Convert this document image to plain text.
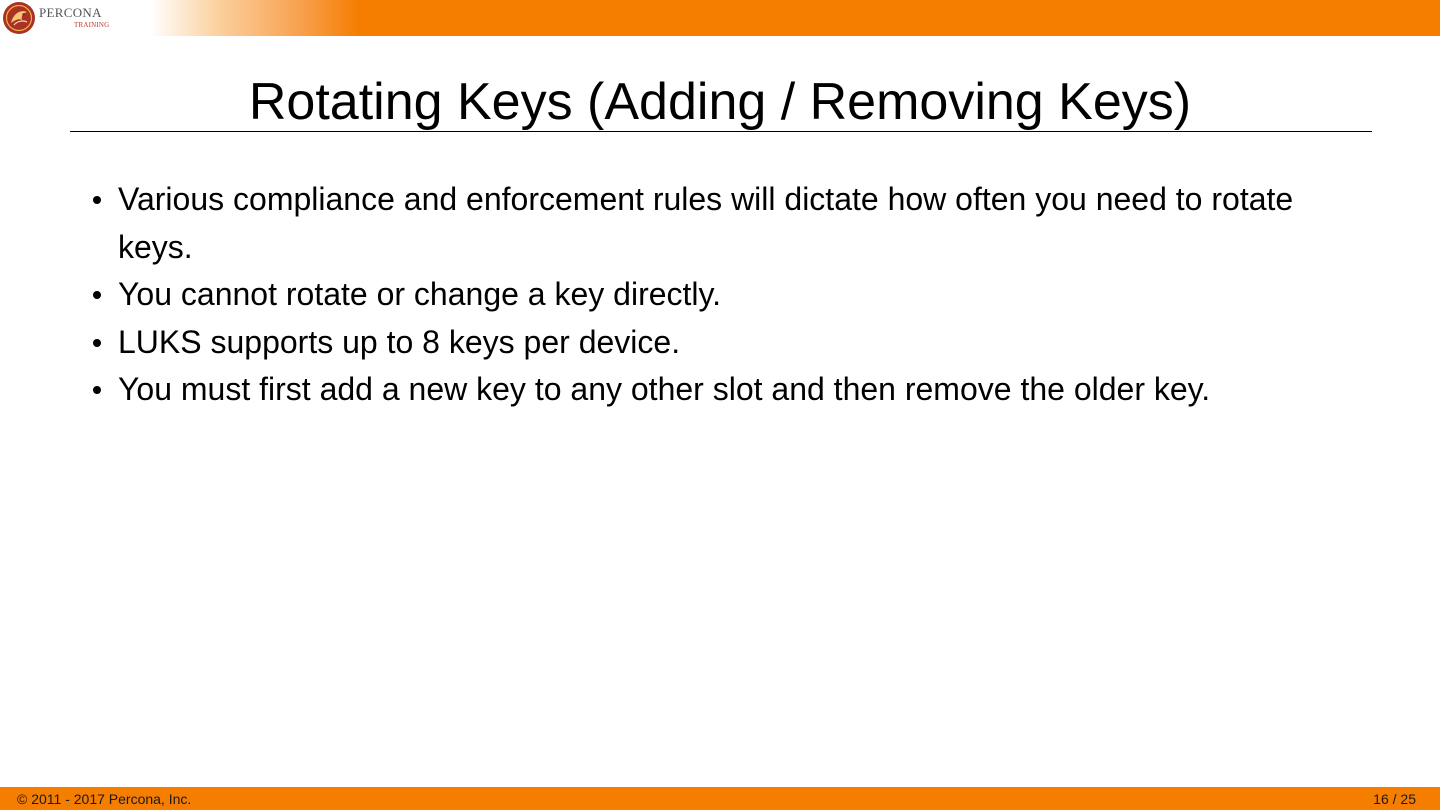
PERCONA
TRAINING
Rotating Keys (Adding / Removing Keys)
Various compliance and enforcement rules will dictate how often you need to rotate keys.
You cannot rotate or change a key directly.
LUKS supports up to 8 keys per device.
You must first add a new key to any other slot and then remove the older key.
© 2011 - 2017 Percona, Inc.	16 / 25
